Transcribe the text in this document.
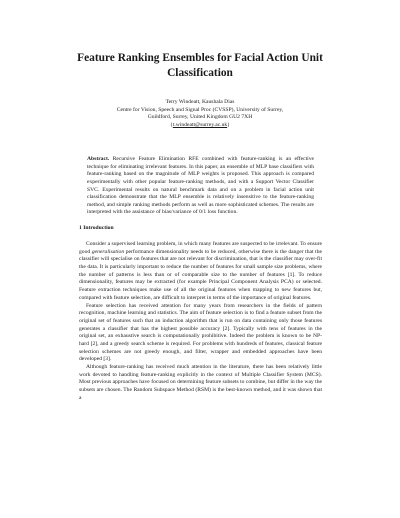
Feature Ranking Ensembles for Facial Action Unit Classification
Terry Windeatt, Kaushala Dias
Centre for Vision, Speech and Signal Proc (CVSSP), University of Surrey,
Guildford, Surrey, United Kingdom GU2 7XH
{t.windeatt@surrey.ac.uk}

Abstract. Recursive Feature Elimination RFE combined with feature-ranking is an effective technique for eliminating irrelevant features. In this paper, an ensemble of MLP base classifiers with feature-ranking based on the magnitude of MLP weights is proposed. This approach is compared experimentally with other popular feature-ranking methods, and with a Support Vector Classifier SVC. Experimental results on natural benchmark data and on a problem in facial action unit classification demonstrate that the MLP ensemble is relatively insensitive to the feature-ranking method, and simple ranking methods perform as well as more sophisticated schemes. The results are interpreted with the assistance of bias/variance of 0/1 loss function.

1 Introduction

Consider a supervised learning problem, in which many features are suspected to be irrelevant. To ensure good generalisation performance dimensionality needs to be reduced, otherwise there is the danger that the classifier will specialise on features that are not relevant for discrimination, that is the classifier may over-fit the data. It is particularly important to reduce the number of features for small sample size problems, where the number of patterns is less than or of comparable size to the number of features [1]. To reduce dimensionality, features may be extracted (for example Principal Component Analysis PCA) or selected. Feature extraction techniques make use of all the original features when mapping to new features but, compared with feature selection, are difficult to interpret in terms of the importance of original features.

Feature selection has received attention for many years from researchers in the fields of pattern recognition, machine learning and statistics. The aim of feature selection is to find a feature subset from the original set of features such that an induction algorithm that is run on data containing only those features generates a classifier that has the highest possible accuracy [2]. Typically with tens of features in the original set, an exhaustive search is computationally prohibitive. Indeed the problem is known to be NP-hard [2], and a greedy search scheme is required. For problems with hundreds of features, classical feature selection schemes are not greedy enough, and filter, wrapper and embedded approaches have been developed [3].

Although feature-ranking has received much attention in the literature, there has been relatively little work devoted to handling feature-ranking explicitly in the context of Multiple Classifier System (MCS). Most previous approaches have focused on determining feature subsets to combine, but differ in the way the subsets are chosen. The Random Subspace Method (RSM) is the best-known method, and it was shown that a
